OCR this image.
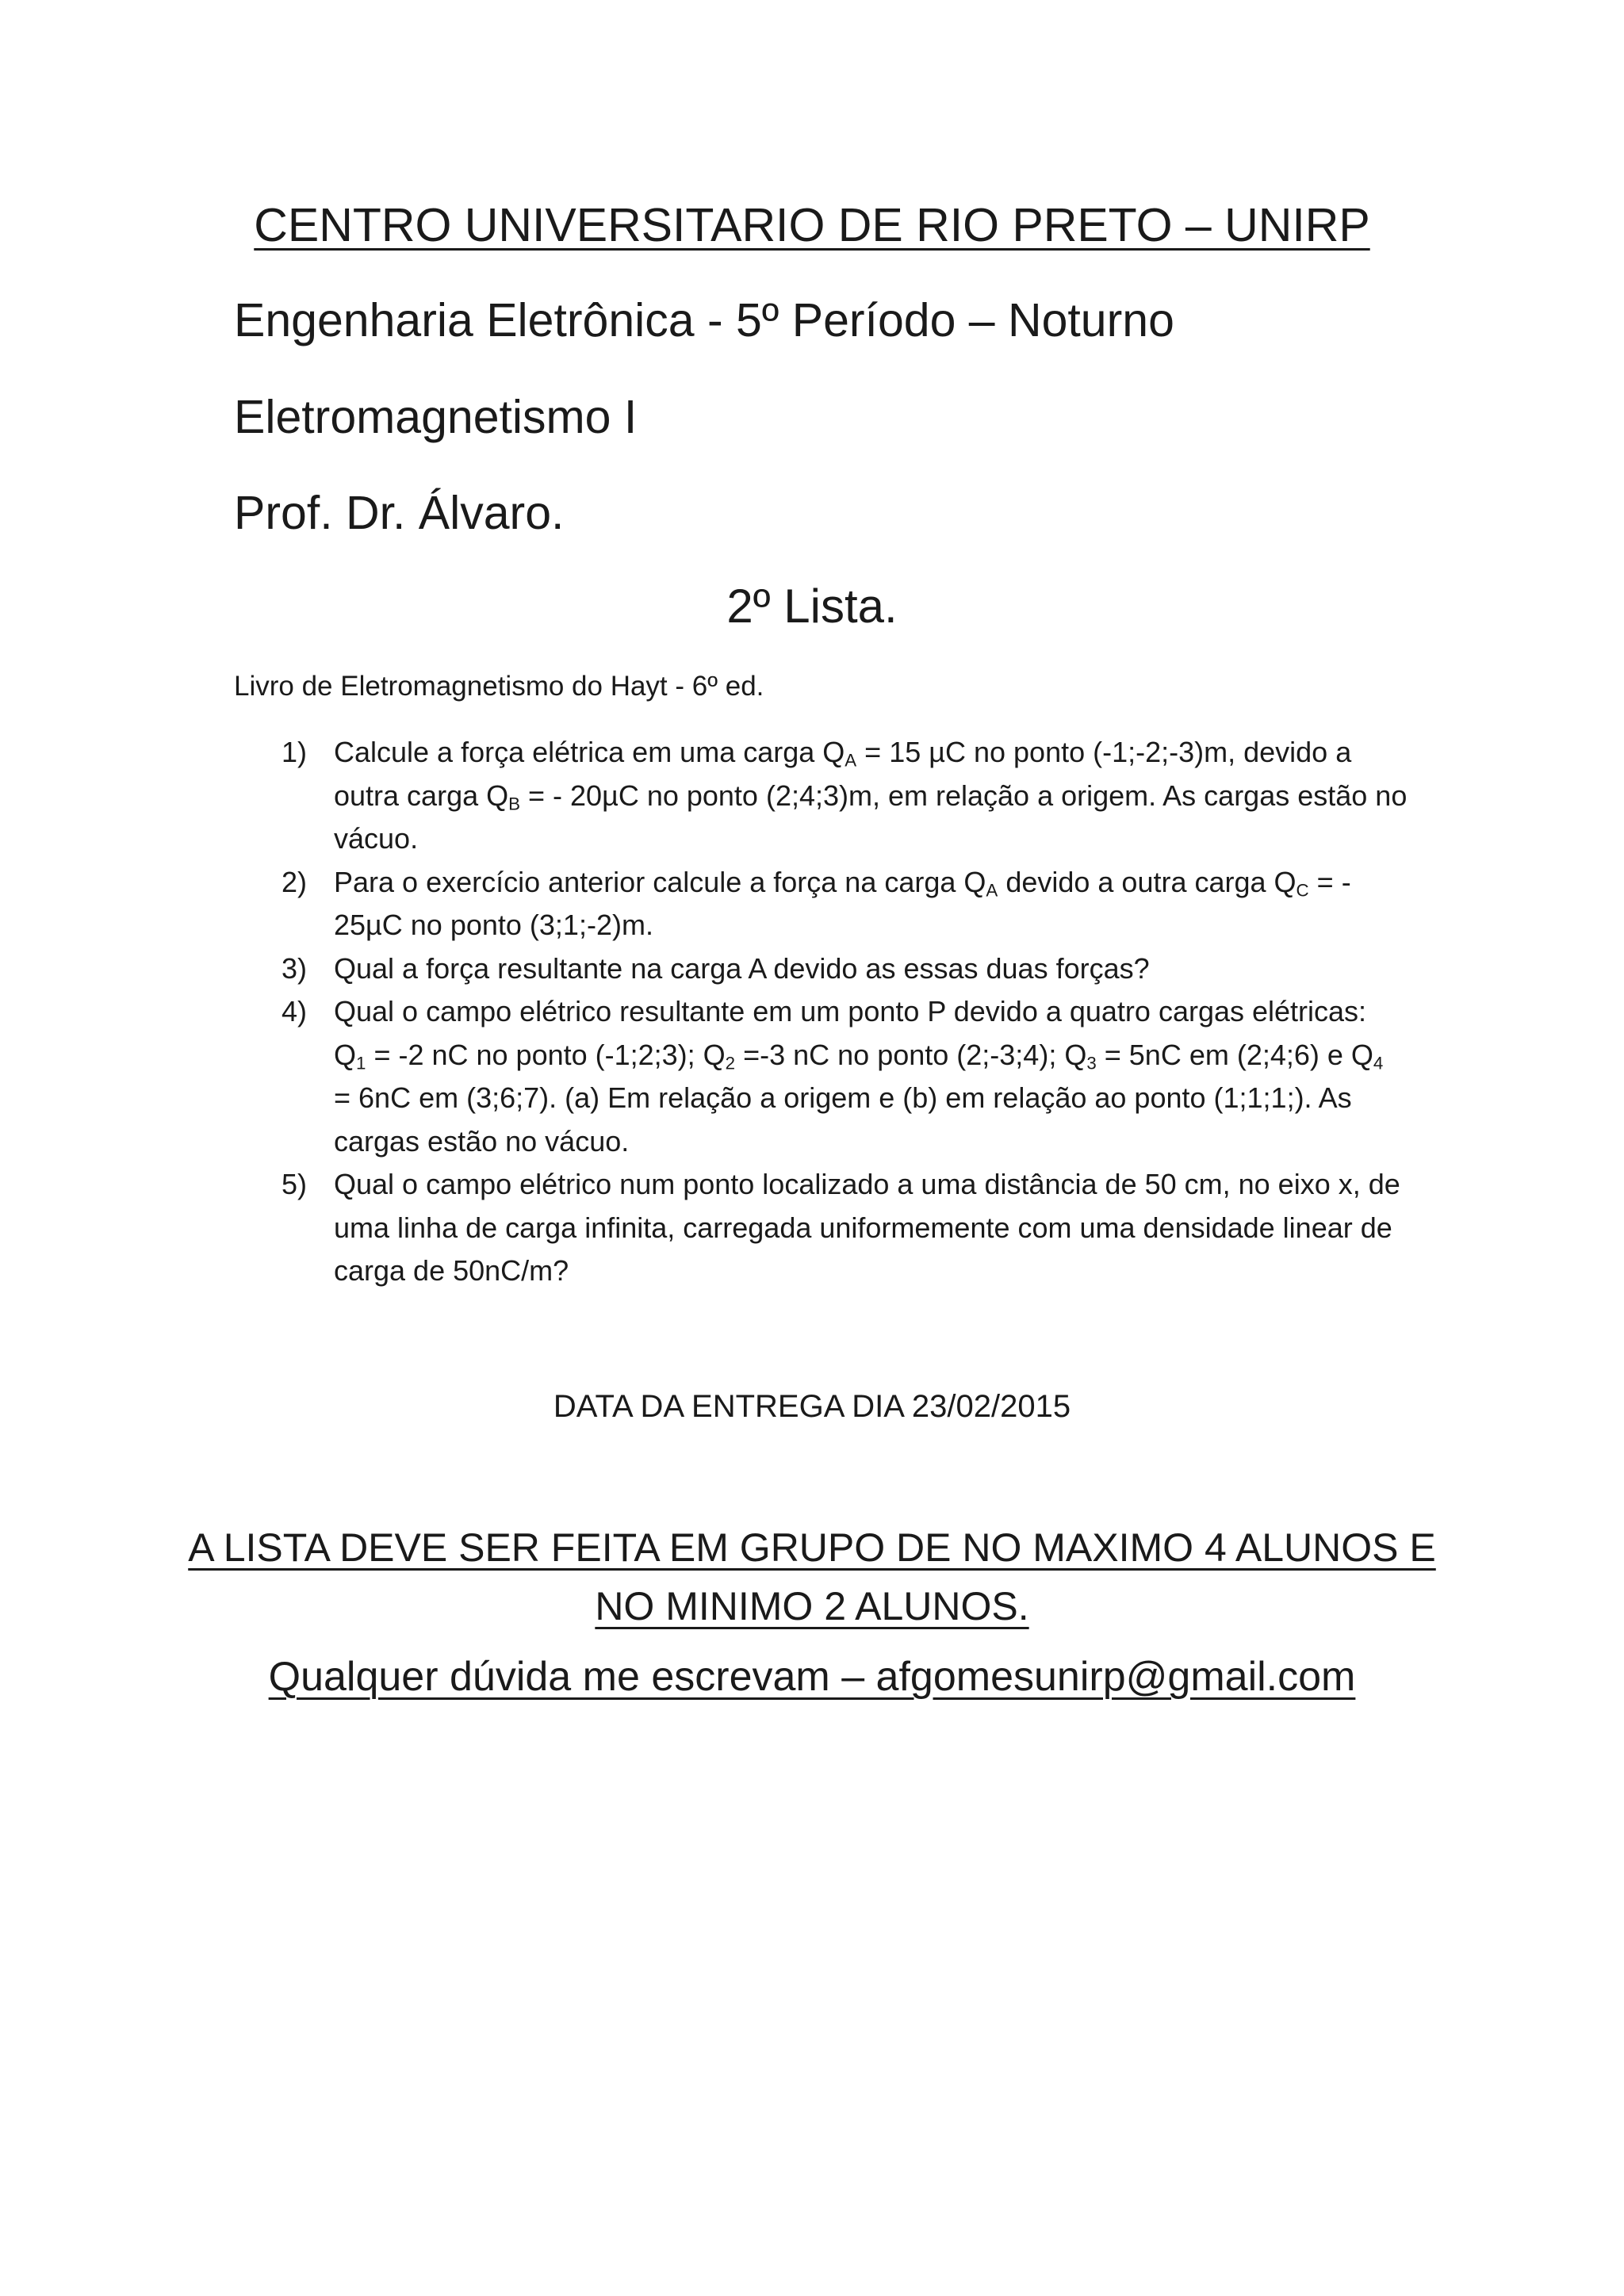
CENTRO UNIVERSITARIO DE RIO PRETO – UNIRP
Engenharia Eletrônica - 5º Período – Noturno
Eletromagnetismo I
Prof. Dr. Álvaro.
2º Lista.
Livro de Eletromagnetismo do Hayt - 6º ed.
1) Calcule a força elétrica em uma carga $Q_A = 15$ µC no ponto (-1;-2;-3)m, devido a outra carga $Q_B$ = - 20µC no ponto (2;4;3)m, em relação a origem. As cargas estão no vácuo.
2) Para o exercício anterior calcule a força na carga $Q_A$ devido a outra carga $Q_C$ = - 25µC no ponto (3;1;-2)m.
3) Qual a força resultante na carga A devido as essas duas forças?
4) Qual o campo elétrico resultante em um ponto P devido a quatro cargas elétricas:
$Q_1 = -2$ nC no ponto (-1;2;3); $Q_2 =-3$ nC no ponto (2;-3;4); $Q_3 = 5nC$ em (2;4;6) e $Q_4 = 6nC$ em (3;6;7). (a) Em relação a origem e (b) em relação ao ponto (1;1;1;). As cargas estão no vácuo.
5) Qual o campo elétrico num ponto localizado a uma distância de 50 cm, no eixo x, de uma linha de carga infinita, carregada uniformemente com uma densidade linear de carga de 50nC/m?
DATA DA ENTREGA DIA 23/02/2015
A LISTA DEVE SER FEITA EM GRUPO DE NO MAXIMO 4 ALUNOS E
NO MINIMO 2 ALUNOS.
Qualquer dúvida me escrevam – afgomesunirp@gmail.com
